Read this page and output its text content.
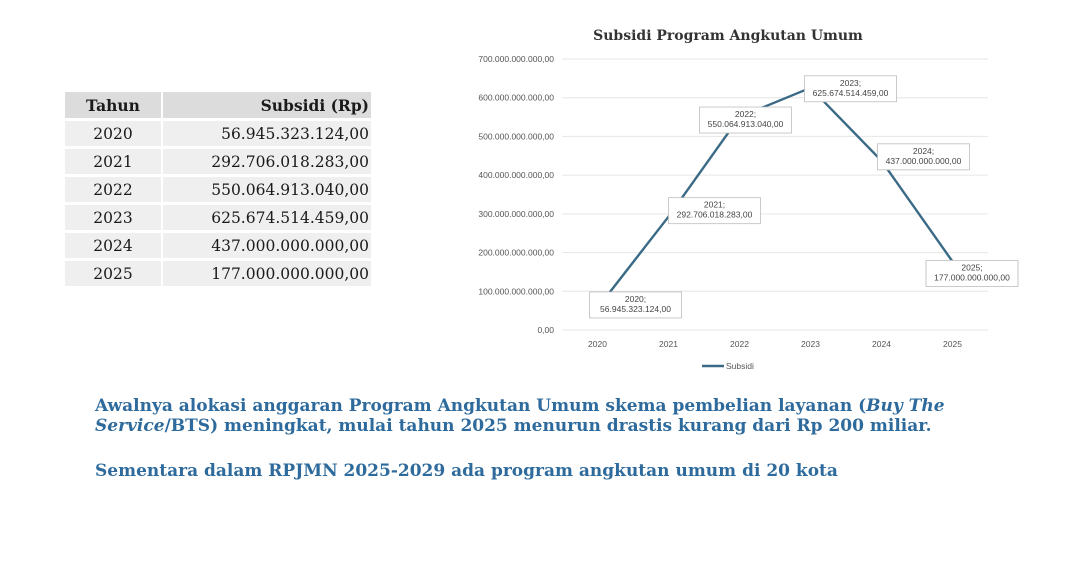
Tahun	Subsidi (Rp)
2020	56.945.323.124,00
2021	292.706.018.283,00
2022	550.064.913.040,00
2023	625.674.514.459,00
2024	437.000.000.000,00
2025	177.000.000.000,00
Subsidi Program Angkutan Umum
0,00
100.000.000.000,00
200.000.000.000,00
300.000.000.000,00
400.000.000.000,00
500.000.000.000,00
600.000.000.000,00
700.000.000.000,00
2020	2021	2022	2023	2024	2025
2020;
56.945.323.124,00
2021;
292.706.018.283,00
2022;
550.064.913.040,00
2023;
625.674.514.459,00
2024;
437.000.000.000,00
2025;
177.000.000.000,00
Subsidi

Awalnya alokasi anggaran Program Angkutan Umum skema pembelian layanan (Buy The Service/BTS) meningkat, mulai tahun 2025 menurun drastis kurang dari Rp 200 miliar.

Sementara dalam RPJMN 2025-2029 ada program angkutan umum di 20 kota
